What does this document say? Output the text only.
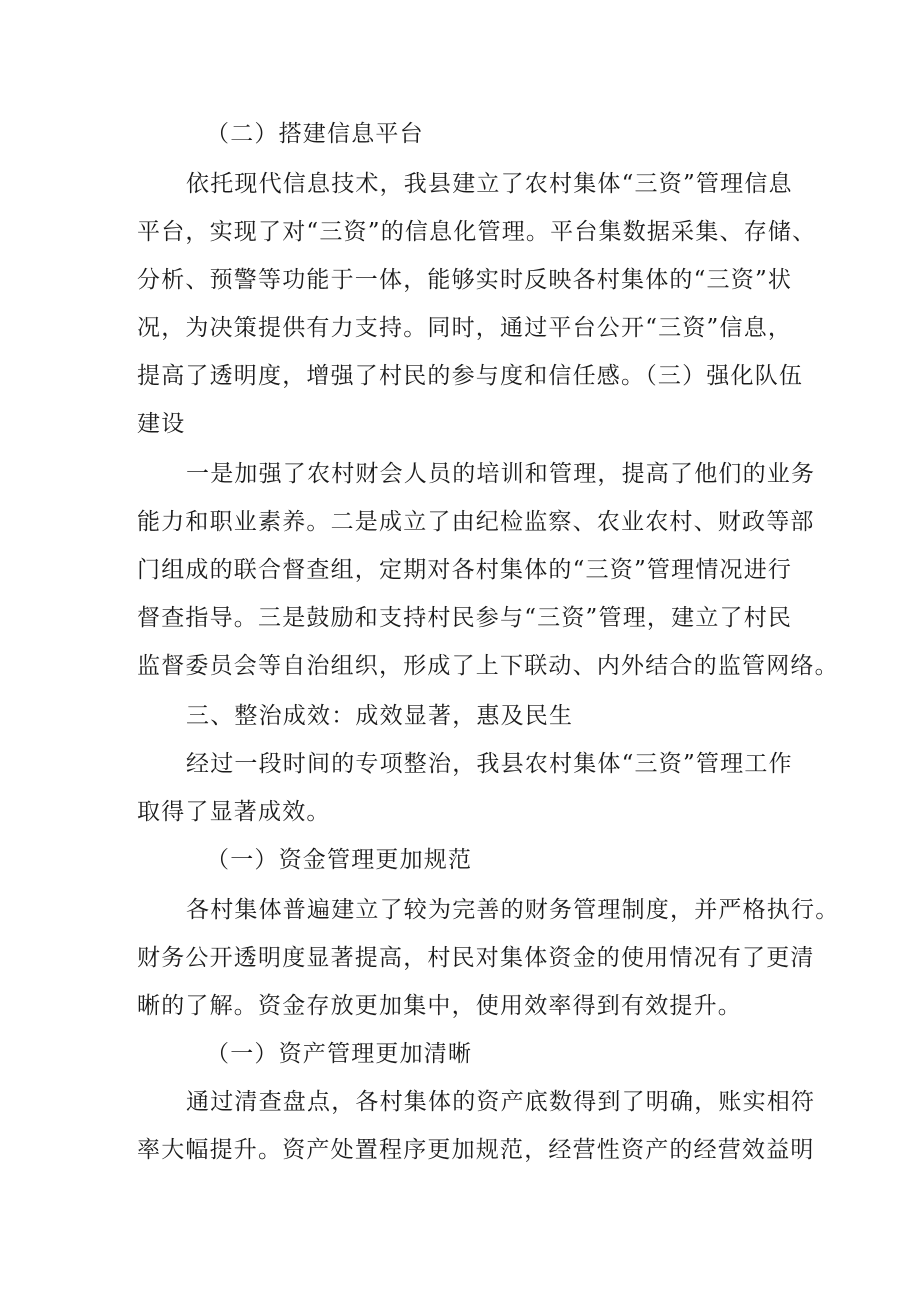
（二）搭建信息平台
依托现代信息技术，我县建立了农村集体“三资”管理信息
平台，实现了对“三资”的信息化管理。平台集数据采集、存储、
分析、预警等功能于一体，能够实时反映各村集体的“三资”状
况，为决策提供有力支持。同时，通过平台公开“三资”信息，
提高了透明度，增强了村民的参与度和信任感。（三）强化队伍
建设
一是加强了农村财会人员的培训和管理，提高了他们的业务
能力和职业素养。二是成立了由纪检监察、农业农村、财政等部
门组成的联合督查组，定期对各村集体的“三资”管理情况进行
督查指导。三是鼓励和支持村民参与“三资”管理，建立了村民
监督委员会等自治组织，形成了上下联动、内外结合的监管网络。
三、整治成效：成效显著，惠及民生
经过一段时间的专项整治，我县农村集体“三资”管理工作
取得了显著成效。
（一）资金管理更加规范
各村集体普遍建立了较为完善的财务管理制度，并严格执行。
财务公开透明度显著提高，村民对集体资金的使用情况有了更清
晰的了解。资金存放更加集中，使用效率得到有效提升。
（一）资产管理更加清晰
通过清查盘点，各村集体的资产底数得到了明确，账实相符
率大幅提升。资产处置程序更加规范，经营性资产的经营效益明
